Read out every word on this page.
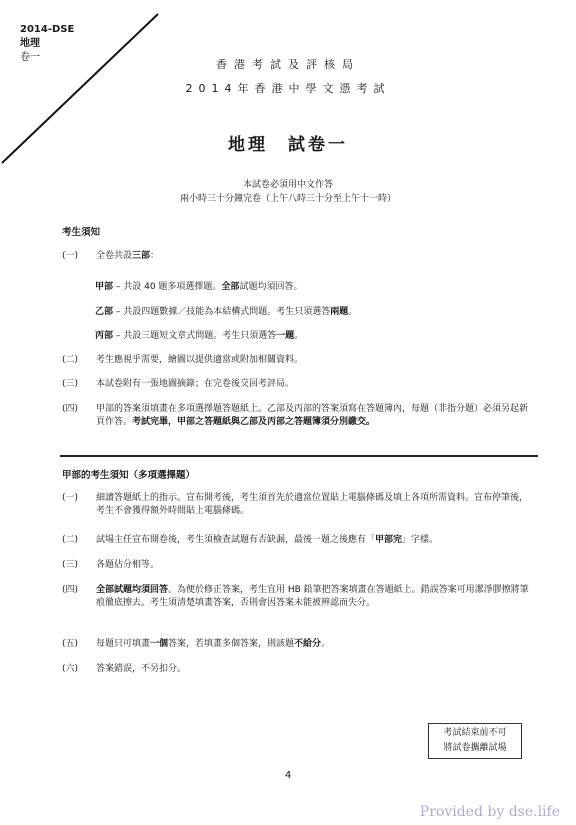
2014-DSE
地理
卷一
香港考試及評核局
2014年香港中學文憑考試
地理　試卷一
本試卷必須用中文作答
兩小時三十分鐘完卷（上午八時三十分至上午十一時）
考生須知
(一)	全卷共設三部：
甲部 – 共設 40 題多項選擇題。全部試題均須回答。
乙部 – 共設四題數據／技能為本結構式問題。考生只須選答兩題。
丙部 – 共設三題短文章式問題。考生只須選答一題。
(二)	考生應視乎需要，繪圖以提供適當或附加相關資料。
(三)	本試卷附有一張地圖摘錄；在完卷後交回考評局。
(四)	甲部的答案須填畫在多項選擇題答題紙上。乙部及丙部的答案須寫在答題簿內，每題（非指分題）必須另起新頁作答。考試完畢，甲部之答題紙與乙部及丙部之答題簿須分別繳交。
甲部的考生須知（多項選擇題）
(一)	細讀答題紙上的指示。宣布開考後，考生須首先於適當位置貼上電腦條碼及填上各項所需資料。宣布停筆後，考生不會獲得額外時間貼上電腦條碼。
(二)	試場主任宣布開卷後，考生須檢查試題有否缺漏，最後一題之後應有「甲部完」字樣。
(三)	各題佔分相等。
(四)	全部試題均須回答。為便於修正答案，考生宜用 HB 鉛筆把答案填畫在答題紙上。錯誤答案可用潔淨膠擦將筆痕徹底擦去。考生須清楚填畫答案，否則會因答案未能被辨認而失分。
(五)	每題只可填畫一個答案，若填畫多個答案，則該題不給分。
(六)	答案錯誤，不另扣分。
考試結束前不可
將試卷攜離試場
4
Provided by dse.life
